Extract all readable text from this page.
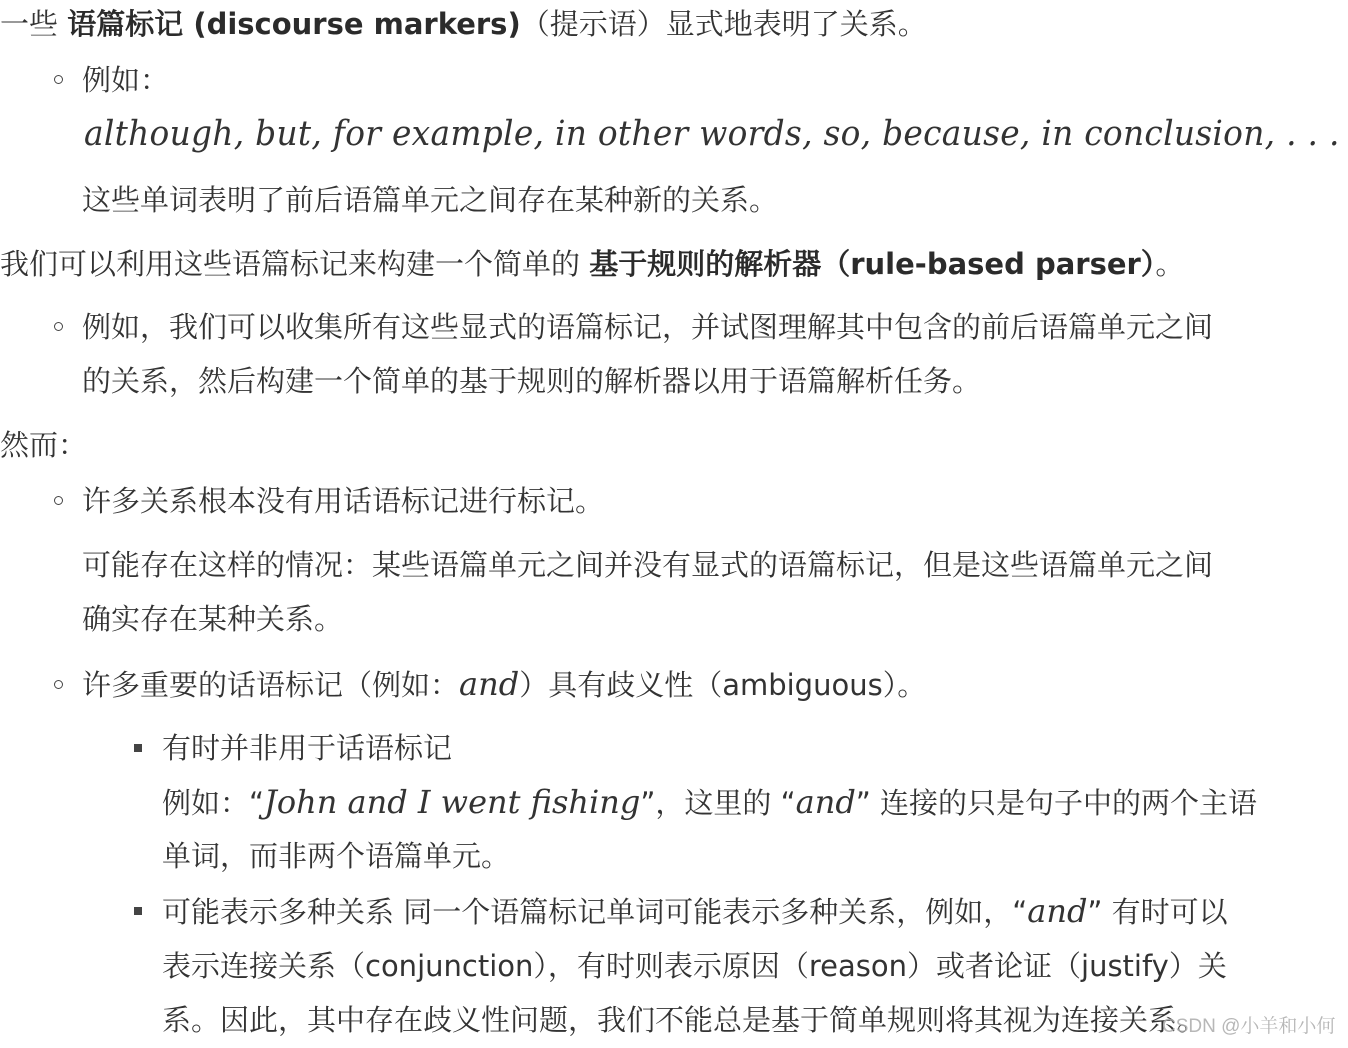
一些 语篇标记 (discourse markers)（提示语）显式地表明了关系。
例如：
although, but, for example, in other words, so, because, in conclusion, . . .
这些单词表明了前后语篇单元之间存在某种新的关系。
我们可以利用这些语篇标记来构建一个简单的 基于规则的解析器（rule-based parser）。
例如，我们可以收集所有这些显式的语篇标记，并试图理解其中包含的前后语篇单元之间
的关系，然后构建一个简单的基于规则的解析器以用于语篇解析任务。
然而：
许多关系根本没有用话语标记进行标记。
可能存在这样的情况：某些语篇单元之间并没有显式的语篇标记，但是这些语篇单元之间
确实存在某种关系。
许多重要的话语标记（例如：and）具有歧义性（ambiguous）。
有时并非用于话语标记
例如：“John and I went fishing”，这里的 “and” 连接的只是句子中的两个主语
单词，而非两个语篇单元。
可能表示多种关系 同一个语篇标记单词可能表示多种关系，例如，“and” 有时可以
表示连接关系（conjunction），有时则表示原因（reason）或者论证（justify）关
系。因此，其中存在歧义性问题，我们不能总是基于简单规则将其视为连接关系。
CSDN @小羊和小何
